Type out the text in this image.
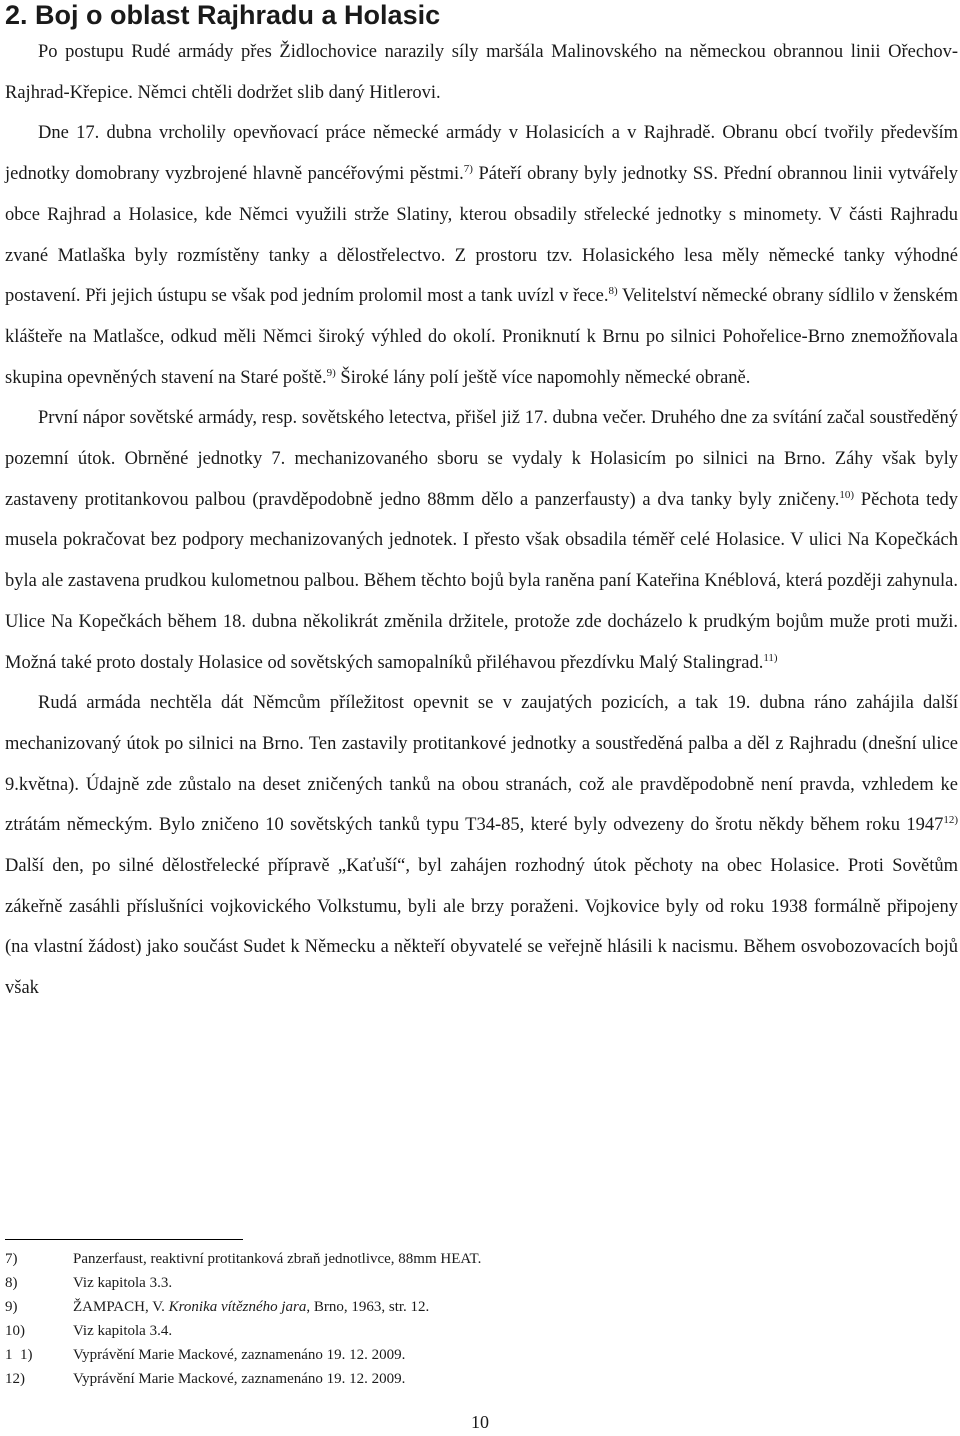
2. Boj o oblast Rajhradu a Holasic

Po postupu Rudé armády přes Židlochovice narazily síly maršála Malinovského na německou obrannou linii Ořechov-Rajhrad-Křepice. Němci chtěli dodržet slib daný Hitlerovi.

Dne 17. dubna vrcholily opevňovací práce německé armády v Holasicích a v Rajhradě. Obranu obcí tvořily především jednotky domobrany vyzbrojené hlavně pancéřovými pěstmi.$^{7)}$ Páteří obrany byly jednotky SS. Přední obrannou linii vytvářely obce Rajhrad a Holasice, kde Němci využili strže Slatiny, kterou obsadily střelecké jednotky s minomety. V části Rajhradu zvané Matlaška byly rozmístěny tanky a dělostřelectvo. Z prostoru tzv. Holasického lesa měly německé tanky výhodné postavení. Při jejich ústupu se však pod jedním prolomil most a tank uvízl v řece.$^{8)}$ Velitelství německé obrany sídlilo v ženském klášteře na Matlašce, odkud měli Němci široký výhled do okolí. Proniknutí k Brnu po silnici Pohořelice-Brno znemožňovala skupina opevněných stavení na Staré poště.$^{9)}$ Široké lány polí ještě více napomohly německé obraně.

První nápor sovětské armády, resp. sovětského letectva, přišel již 17. dubna večer. Druhého dne za svítání začal soustředěný pozemní útok. Obrněné jednotky 7. mechanizovaného sboru se vydaly k Holasicím po silnici na Brno. Záhy však byly zastaveny protitankovou palbou (pravděpodobně jedno 88mm dělo a panzerfausty) a dva tanky byly zničeny.$^{10)}$ Pěchota tedy musela pokračovat bez podpory mechanizovaných jednotek. I přesto však obsadila téměř celé Holasice. V ulici Na Kopečkách byla ale zastavena prudkou kulometnou palbou. Během těchto bojů byla raněna paní Kateřina Knéblová, která později zahynula. Ulice Na Kopečkách během 18. dubna několikrát změnila držitele, protože zde docházelo k prudkým bojům muže proti muži. Možná také proto dostaly Holasice od sovětských samopalníků přiléhavou přezdívku Malý Stalingrad.$^{11)}$

Rudá armáda nechtěla dát Němcům příležitost opevnit se v zaujatých pozicích, a tak 19. dubna ráno zahájila další mechanizovaný útok po silnici na Brno. Ten zastavily protitankové jednotky a soustředěná palba a děl z Rajhradu (dnešní ulice 9.května). Údajně zde zůstalo na deset zničených tanků na obou stranách, což ale pravděpodobně není pravda, vzhledem ke ztrátám německým. Bylo zničeno 10 sovětských tanků typu T34-85, které byly odvezeny do šrotu někdy během roku 1947$^{12)}$ Další den, po silné dělostřelecké přípravě „Kaťuší“, byl zahájen rozhodný útok pěchoty na obec Holasice. Proti Sovětům zákeřně zasáhli příslušníci vojkovického Volkstumu, byli ale brzy poraženi. Vojkovice byly od roku 1938 formálně připojeny (na vlastní žádost) jako součást Sudet k Německu a někteří obyvatelé se veřejně hlásili k nacismu. Během osvobozovacích bojů však

7)	Panzerfaust, reaktivní protitanková zbraň jednotlivce, 88mm HEAT.
8)	Viz kapitola 3.3.
9)	ŽAMPACH, V. Kronika vítězného jara, Brno, 1963, str. 12.
10)	Viz kapitola 3.4.
1  1)	Vyprávění Marie Mackové, zaznamenáno 19. 12. 2009.
12)	Vyprávění Marie Mackové, zaznamenáno 19. 12. 2009.
10
